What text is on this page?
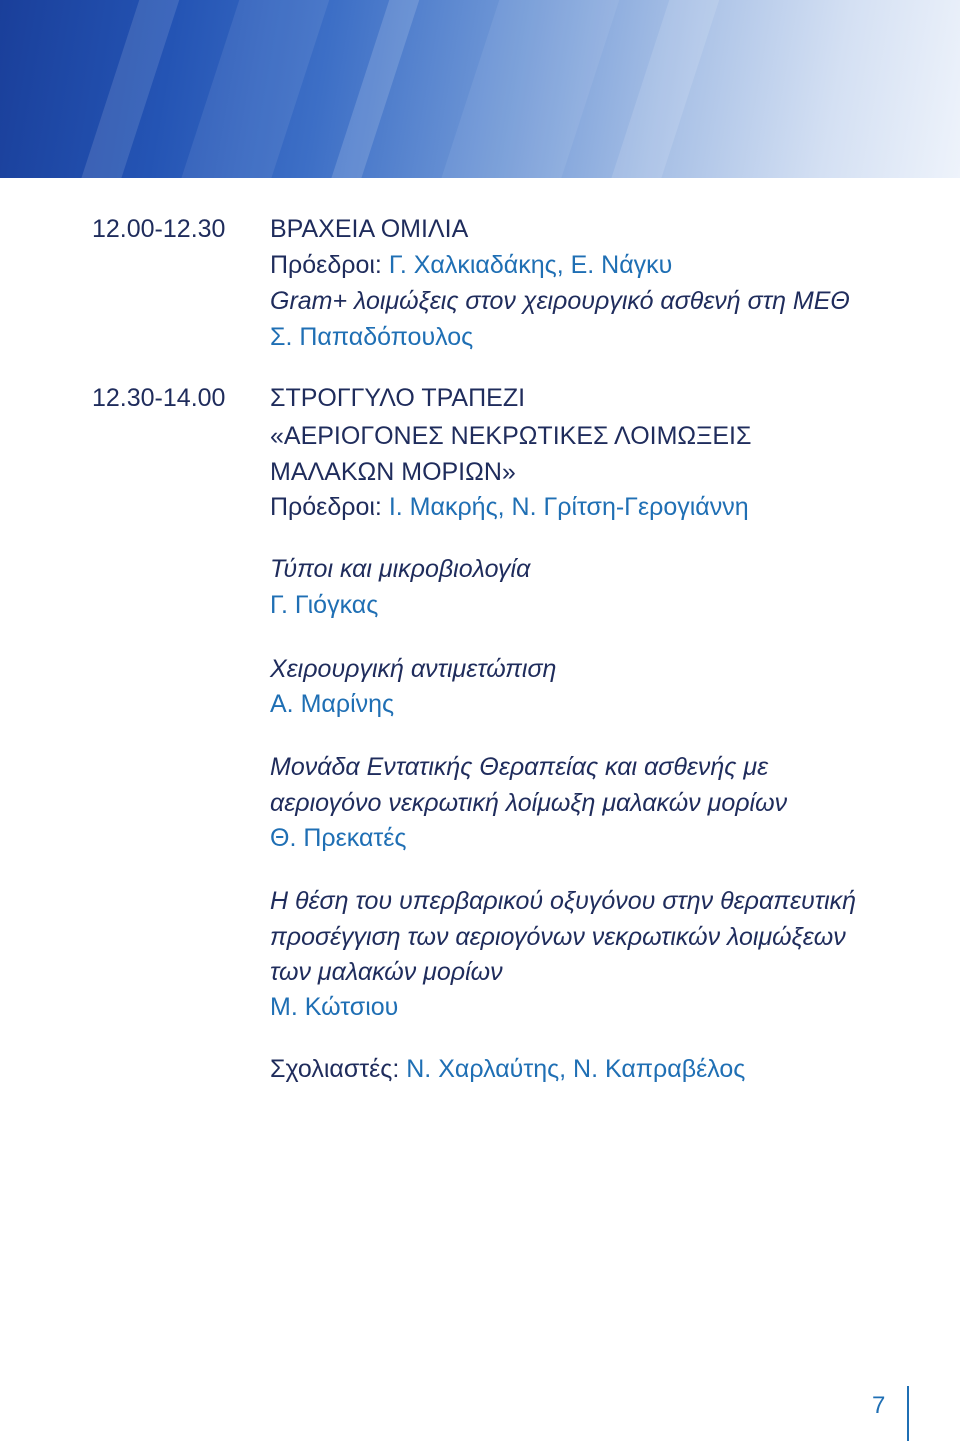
12.00-12.30 ΒΡΑΧΕΙΑ ΟΜΙΛΙΑ
Πρόεδροι: Γ. Χαλκιαδάκης, Ε. Νάγκυ
Gram+ λοιμώξεις στον χειρουργικό ασθενή στη ΜΕΘ
Σ. Παπαδόπουλος
12.30-14.00 ΣΤΡΟΓΓΥΛΟ ΤΡΑΠΕΖΙ
«ΑΕΡΙΟΓΟΝΕΣ ΝΕΚΡΩΤΙΚΕΣ ΛΟΙΜΩΞΕΙΣ
ΜΑΛΑΚΩΝ ΜΟΡΙΩΝ»
Πρόεδροι: Ι. Μακρής, Ν. Γρίτση-Γερογιάννη
Τύποι και μικροβιολογία
Γ. Γιόγκας
Χειρουργική αντιμετώπιση
Α. Μαρίνης
Μονάδα Εντατικής Θεραπείας και ασθενής με
αεριογόνο νεκρωτική λοίμωξη μαλακών μορίων
Θ. Πρεκατές
Η θέση του υπερβαρικού οξυγόνου στην θεραπευτική
προσέγγιση των αεριογόνων νεκρωτικών λοιμώξεων
των μαλακών μορίων
Μ. Κώτσιου
Σχολιαστές: Ν. Χαρλαύτης, Ν. Καπραβέλος
7
